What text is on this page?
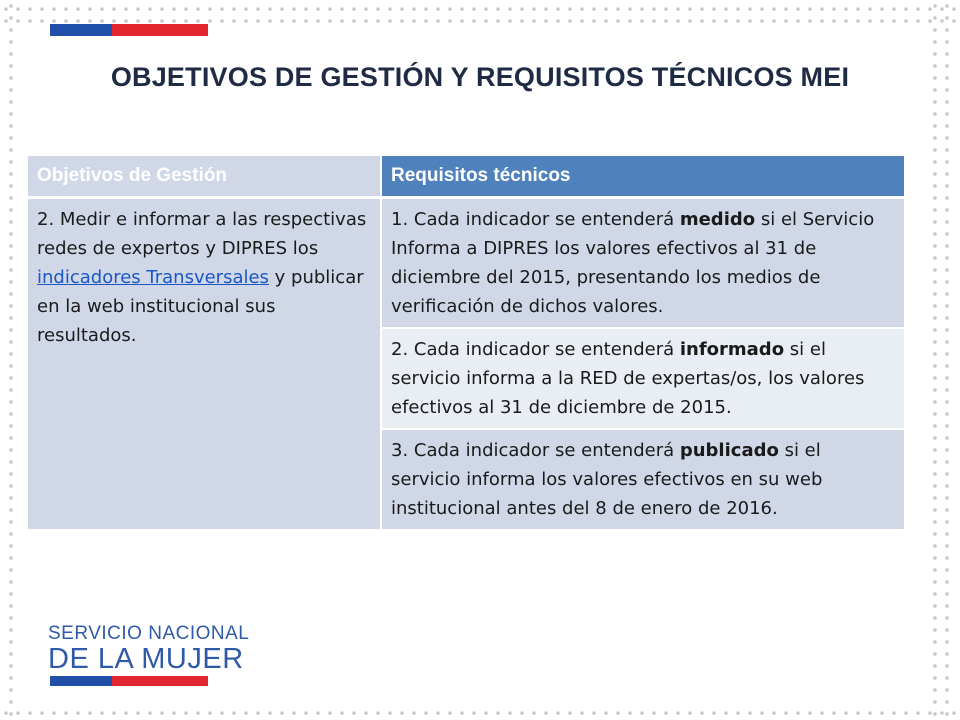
OBJETIVOS DE GESTIÓN Y REQUISITOS TÉCNICOS MEI
Objetivos de Gestión	Requisitos técnicos
2. Medir e informar a las respectivas redes de expertos y DIPRES los indicadores Transversales y publicar en la web institucional sus resultados.	1. Cada indicador se entenderá medido si el Servicio Informa a DIPRES los valores efectivos al 31 de diciembre del 2015, presentando los medios de verificación de dichos valores.
	2. Cada indicador se entenderá informado si el servicio informa a la RED de expertas/os, los valores efectivos al 31 de diciembre de 2015.
	3. Cada indicador se entenderá publicado si el servicio informa los valores efectivos en su web institucional antes del 8 de enero de 2016.
SERVICIO NACIONAL
DE LA MUJER
